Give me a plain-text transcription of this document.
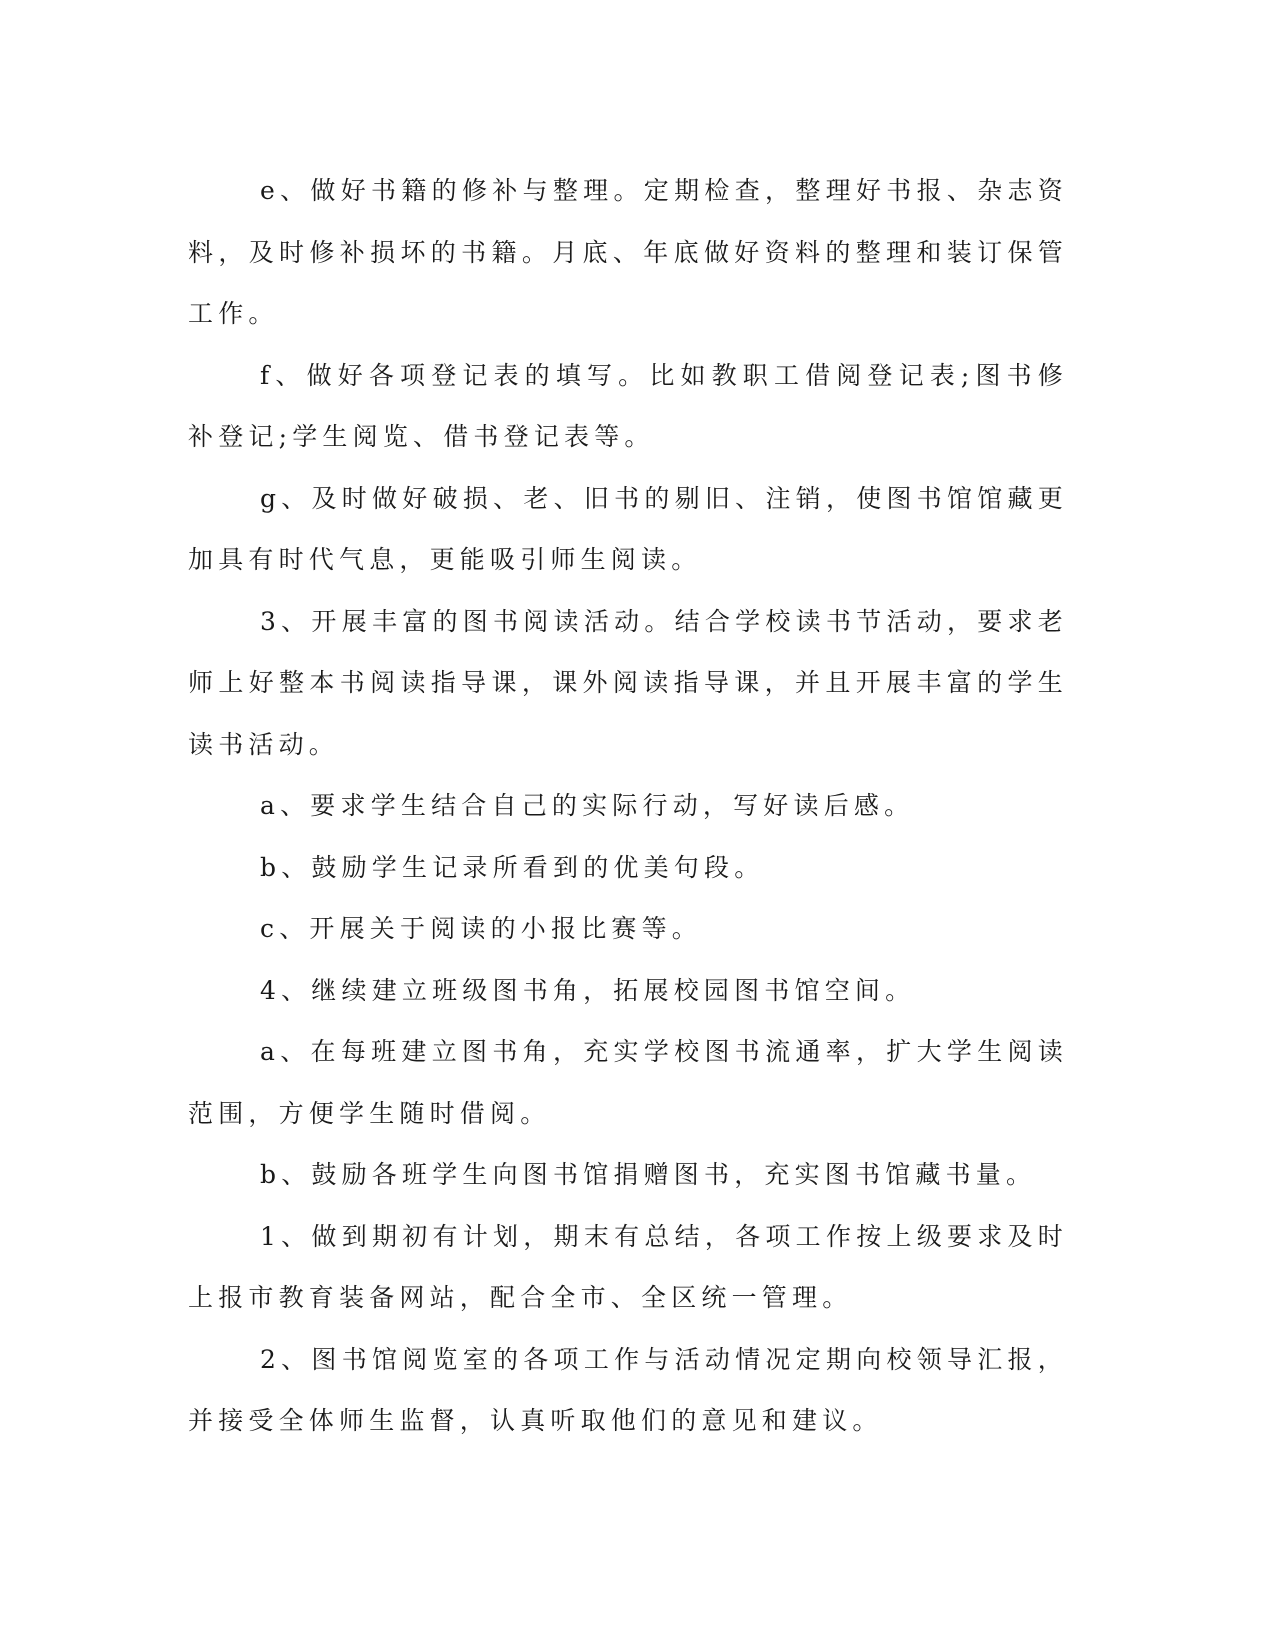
e、做好书籍的修补与整理。定期检查，整理好书报、杂志资料，及时修补损坏的书籍。月底、年底做好资料的整理和装订保管工作。

f、做好各项登记表的填写。比如教职工借阅登记表;图书修补登记;学生阅览、借书登记表等。

g、及时做好破损、老、旧书的剔旧、注销，使图书馆馆藏更加具有时代气息，更能吸引师生阅读。

3、开展丰富的图书阅读活动。结合学校读书节活动，要求老师上好整本书阅读指导课，课外阅读指导课，并且开展丰富的学生读书活动。

a、要求学生结合自己的实际行动，写好读后感。

b、鼓励学生记录所看到的优美句段。

c、开展关于阅读的小报比赛等。

4、继续建立班级图书角，拓展校园图书馆空间。

a、在每班建立图书角，充实学校图书流通率，扩大学生阅读范围，方便学生随时借阅。

b、鼓励各班学生向图书馆捐赠图书，充实图书馆藏书量。

1、做到期初有计划，期末有总结，各项工作按上级要求及时上报市教育装备网站，配合全市、全区统一管理。

2、图书馆阅览室的各项工作与活动情况定期向校领导汇报，并接受全体师生监督，认真听取他们的意见和建议。
